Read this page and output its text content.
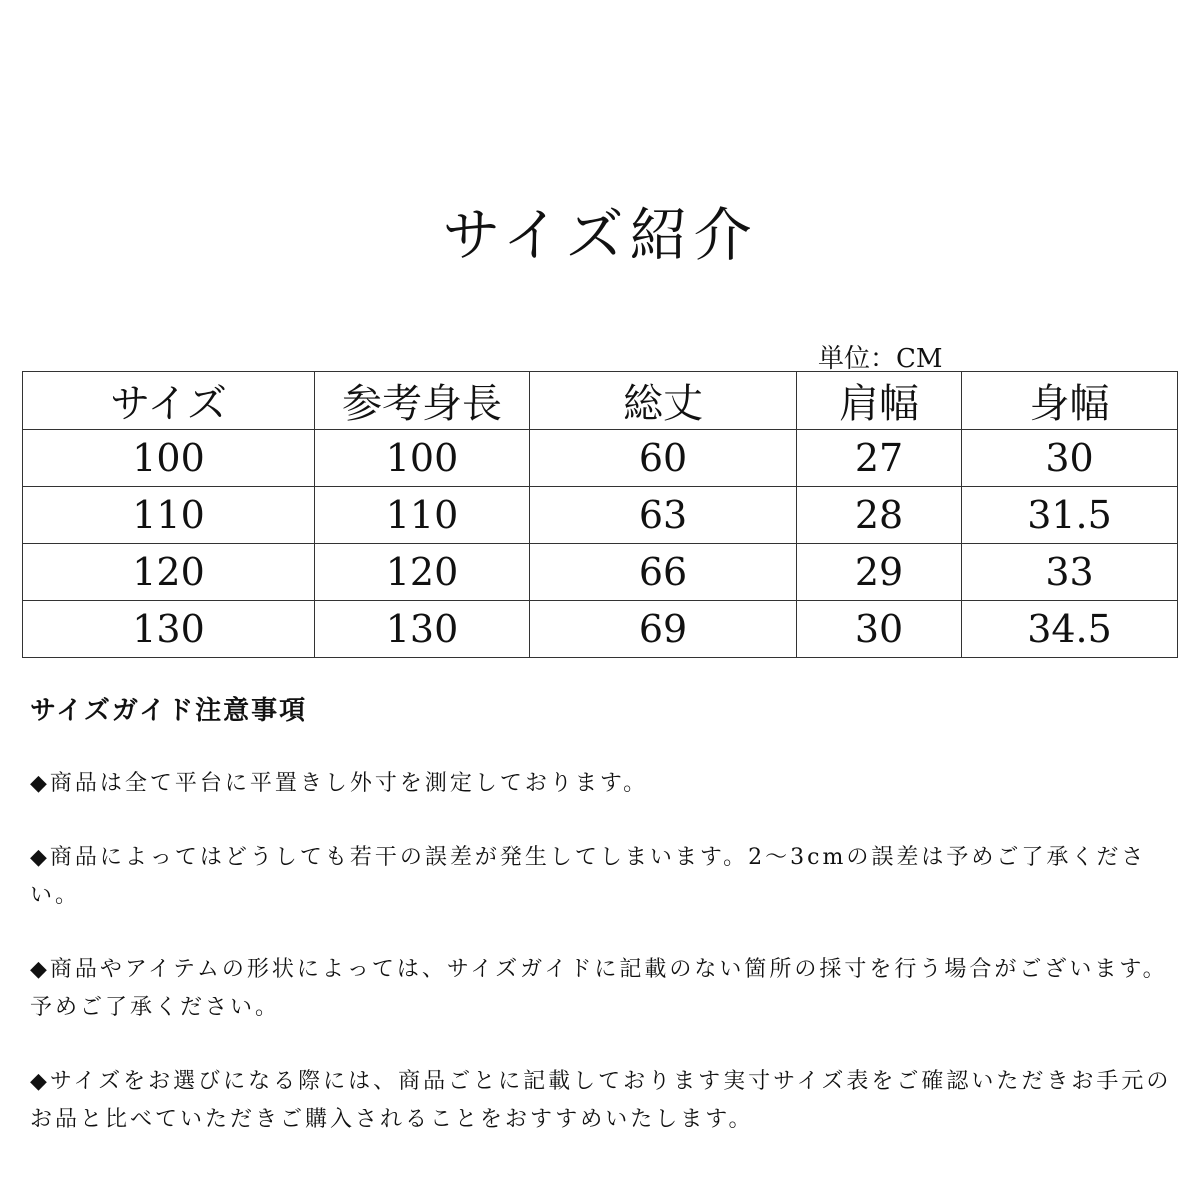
サイズ紹介
単位：CM
サイズ	参考身長	総丈	肩幅	身幅
100	100	60	27	30
110	110	63	28	31.5
120	120	66	29	33
130	130	69	30	34.5

サイズガイド注意事項

◆商品は全て平台に平置きし外寸を測定しております。

◆商品によってはどうしても若干の誤差が発生してしまいます。2～3cmの誤差は予めご了承ください。

◆商品やアイテムの形状によっては、サイズガイドに記載のない箇所の採寸を行う場合がございます。予めご了承ください。

◆サイズをお選びになる際には、商品ごとに記載しております実寸サイズ表をご確認いただきお手元のお品と比べていただきご購入されることをおすすめいたします。
